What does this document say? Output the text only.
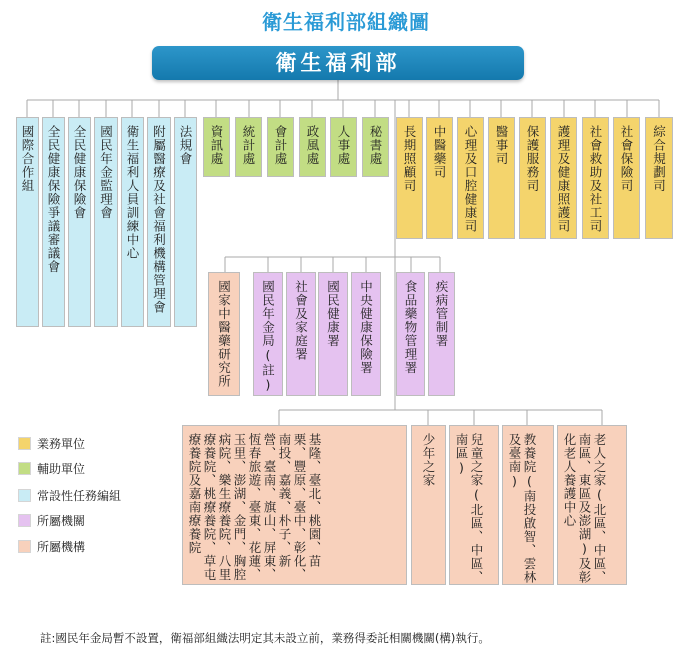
衛生福利部組織圖
衛生福利部
國際合作組 全民健康保險爭議審議會 全民健康保險會 國民年金監理會 衛生福利人員訓練中心 附屬醫療及社會福利機構管理會 法規會 資訊處 統計處 會計處 政風處 人事處 秘書處 長期照顧司 中醫藥司 心理及口腔健康司 醫事司 保護服務司 護理及健康照護司 社會救助及社工司 社會保險司 綜合規劃司
國家中醫藥研究所 國民年金局(註) 社會及家庭署 國民健康署 中央健康保險署 食品藥物管理署 疾病管制署
基隆、臺北、桃園、苗栗、豐原、臺中、彰化、南投、嘉義、朴子、新營、臺南、旗山、屏東、恆春旅遊、臺東、花蓮、玉里、澎湖、金門、胸腔病院、樂生療養院、八里療養院、桃療養院、草屯療養院及嘉南療養院	少年之家	兒童之家(北區、中區、南區)	教養院(南投啟智、雲林及臺南)	老人之家(北區、中區、南區、東區及澎湖)及彰化老人養護中心
業務單位
輔助單位
常設性任務編組
所屬機關
所屬機構
註:國民年金局暫不設置，衛福部組織法明定其未設立前，業務得委託相關機關(構)執行。
